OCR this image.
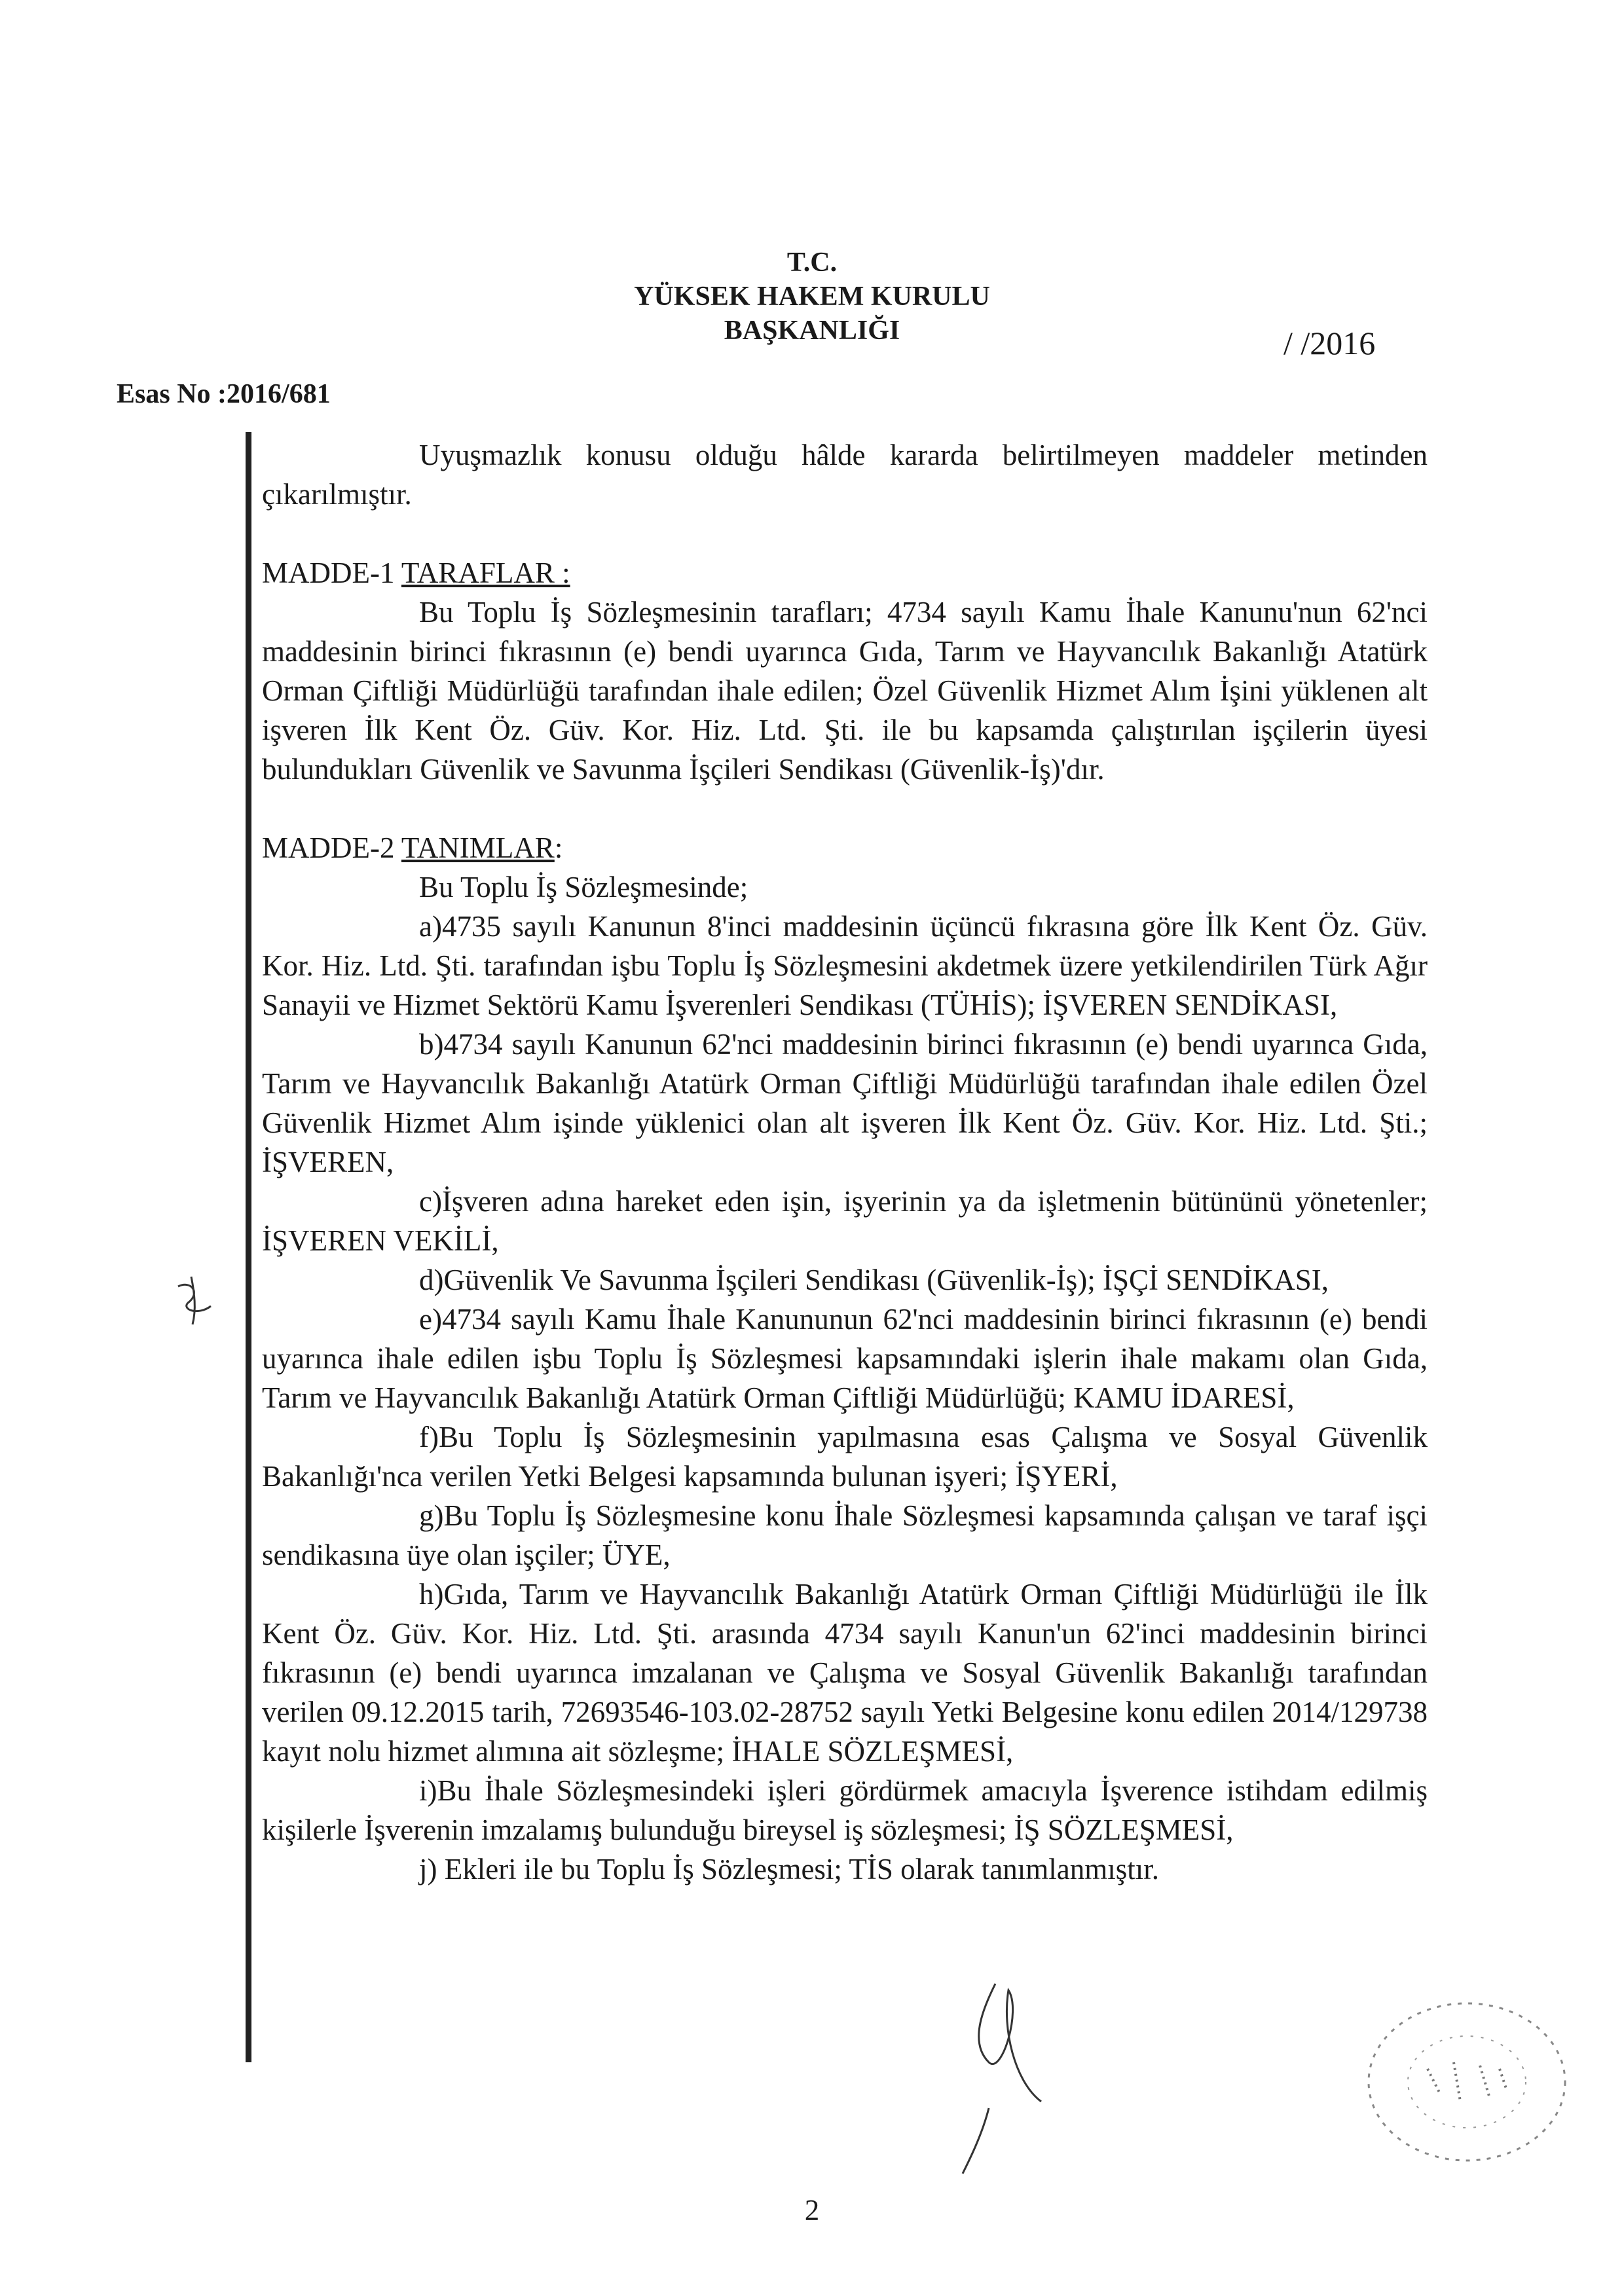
T.C.
YÜKSEK HAKEM KURULU
BAŞKANLIĞI	/ /2016
Esas No :2016/681

Uyuşmazlık konusu olduğu hâlde kararda belirtilmeyen maddeler metinden çıkarılmıştır.

MADDE-1 TARAFLAR :

Bu Toplu İş Sözleşmesinin tarafları; 4734 sayılı Kamu İhale Kanunu'nun 62'nci maddesinin birinci fıkrasının (e) bendi uyarınca Gıda, Tarım ve Hayvancılık Bakanlığı Atatürk Orman Çiftliği Müdürlüğü tarafından ihale edilen; Özel Güvenlik Hizmet Alım İşini yüklenen alt işveren İlk Kent Öz. Güv. Kor. Hiz. Ltd. Şti. ile bu kapsamda çalıştırılan işçilerin üyesi bulundukları Güvenlik ve Savunma İşçileri Sendikası (Güvenlik-İş)'dır.

MADDE-2 TANIMLAR:

Bu Toplu İş Sözleşmesinde;

a)4735 sayılı Kanunun 8'inci maddesinin üçüncü fıkrasına göre İlk Kent Öz. Güv. Kor. Hiz. Ltd. Şti. tarafından işbu Toplu İş Sözleşmesini akdetmek üzere yetkilendirilen Türk Ağır Sanayii ve Hizmet Sektörü Kamu İşverenleri Sendikası (TÜHİS); İŞVEREN SENDİKASI,

b)4734 sayılı Kanunun 62'nci maddesinin birinci fıkrasının (e) bendi uyarınca Gıda, Tarım ve Hayvancılık Bakanlığı Atatürk Orman Çiftliği Müdürlüğü tarafından ihale edilen Özel Güvenlik Hizmet Alım işinde yüklenici olan alt işveren İlk Kent Öz. Güv. Kor. Hiz. Ltd. Şti.; İŞVEREN,

c)İşveren adına hareket eden işin, işyerinin ya da işletmenin bütününü yönetenler; İŞVEREN VEKİLİ,

d)Güvenlik Ve Savunma İşçileri Sendikası (Güvenlik-İş); İŞÇİ SENDİKASI,

e)4734 sayılı Kamu İhale Kanununun 62'nci maddesinin birinci fıkrasının (e) bendi uyarınca ihale edilen işbu Toplu İş Sözleşmesi kapsamındaki işlerin ihale makamı olan Gıda, Tarım ve Hayvancılık Bakanlığı Atatürk Orman Çiftliği Müdürlüğü; KAMU İDARESİ,

f)Bu Toplu İş Sözleşmesinin yapılmasına esas Çalışma ve Sosyal Güvenlik Bakanlığı'nca verilen Yetki Belgesi kapsamında bulunan işyeri; İŞYERİ,

g)Bu Toplu İş Sözleşmesine konu İhale Sözleşmesi kapsamında çalışan ve taraf işçi sendikasına üye olan işçiler; ÜYE,

h)Gıda, Tarım ve Hayvancılık Bakanlığı Atatürk Orman Çiftliği Müdürlüğü ile İlk Kent Öz. Güv. Kor. Hiz. Ltd. Şti. arasında 4734 sayılı Kanun'un 62'inci maddesinin birinci fıkrasının (e) bendi uyarınca imzalanan ve Çalışma ve Sosyal Güvenlik Bakanlığı tarafından verilen 09.12.2015 tarih, 72693546-103.02-28752 sayılı Yetki Belgesine konu edilen 2014/129738 kayıt nolu hizmet alımına ait sözleşme; İHALE SÖZLEŞMESİ,

i)Bu İhale Sözleşmesindeki işleri gördürmek amacıyla İşverence istihdam edilmiş kişilerle İşverenin imzalamış bulunduğu bireysel iş sözleşmesi; İŞ SÖZLEŞMESİ,

j) Ekleri ile bu Toplu İş Sözleşmesi; TİS olarak tanımlanmıştır.

2
